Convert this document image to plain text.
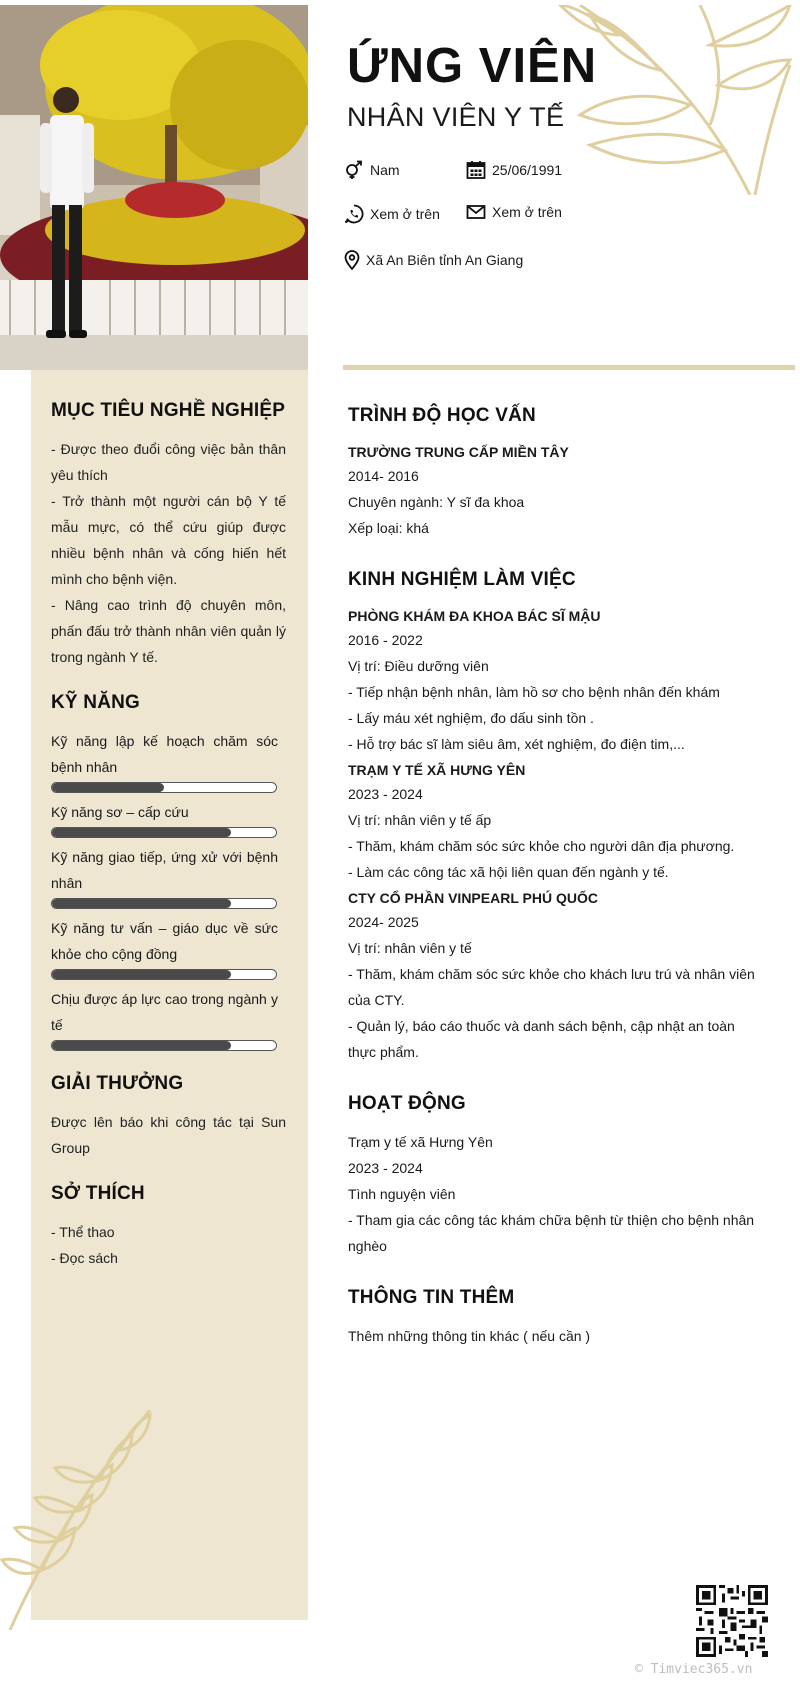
ỨNG VIÊN
NHÂN VIÊN Y TẾ
Nam	25/06/1991
Xem ở trên	Xem ở trên
Xã An Biên tỉnh An Giang
MỤC TIÊU NGHỀ NGHIỆP
- Được theo đuổi công việc bản thân yêu thích
- Trở thành một người cán bộ Y tế mẫu mực, có thể cứu giúp được nhiều bệnh nhân và cống hiến hết mình cho bệnh viện.
- Nâng cao trình độ chuyên môn, phấn đấu trở thành nhân viên quản lý trong ngành Y tế.
KỸ NĂNG
Kỹ năng lập kế hoạch chăm sóc bệnh nhân
Kỹ năng sơ – cấp cứu
Kỹ năng giao tiếp, ứng xử với bệnh nhân
Kỹ năng tư vấn – giáo dục về sức khỏe cho cộng đồng
Chịu được áp lực cao trong ngành y tế
GIẢI THƯỞNG
Được lên báo khi công tác tại Sun Group
SỞ THÍCH
- Thể thao
- Đọc sách
TRÌNH ĐỘ HỌC VẤN
TRƯỜNG TRUNG CẤP MIỀN TÂY
2014- 2016
Chuyên ngành: Y sĩ đa khoa
Xếp loại: khá
KINH NGHIỆM LÀM VIỆC
PHÒNG KHÁM ĐA KHOA BÁC SĨ MẬU
2016 - 2022
Vị trí: Điều dưỡng viên
- Tiếp nhận bệnh nhân, làm hồ sơ cho bệnh nhân đến khám
- Lấy máu xét nghiệm, đo dấu sinh tồn .
- Hỗ trợ bác sĩ làm siêu âm, xét nghiệm, đo điện tim,...
TRẠM Y TẾ XÃ HƯNG YÊN
2023 - 2024
Vị trí: nhân viên y tế ấp
- Thăm, khám chăm sóc sức khỏe cho người dân địa phương.
- Làm các công tác xã hội liên quan đến ngành y tế.
CTY CỔ PHẦN VINPEARL PHÚ QUỐC
2024- 2025
Vị trí: nhân viên y tế
- Thăm, khám chăm sóc sức khỏe cho khách lưu trú và nhân viên của CTY.
- Quản lý, báo cáo thuốc và danh sách bệnh, cập nhật an toàn thực phẩm.
HOẠT ĐỘNG
Trạm y tế xã Hưng Yên
2023 - 2024
Tình nguyện viên
- Tham gia các công tác khám chữa bệnh từ thiện cho bệnh nhân nghèo
THÔNG TIN THÊM
Thêm những thông tin khác ( nếu cần )
© Timviec365.vn
